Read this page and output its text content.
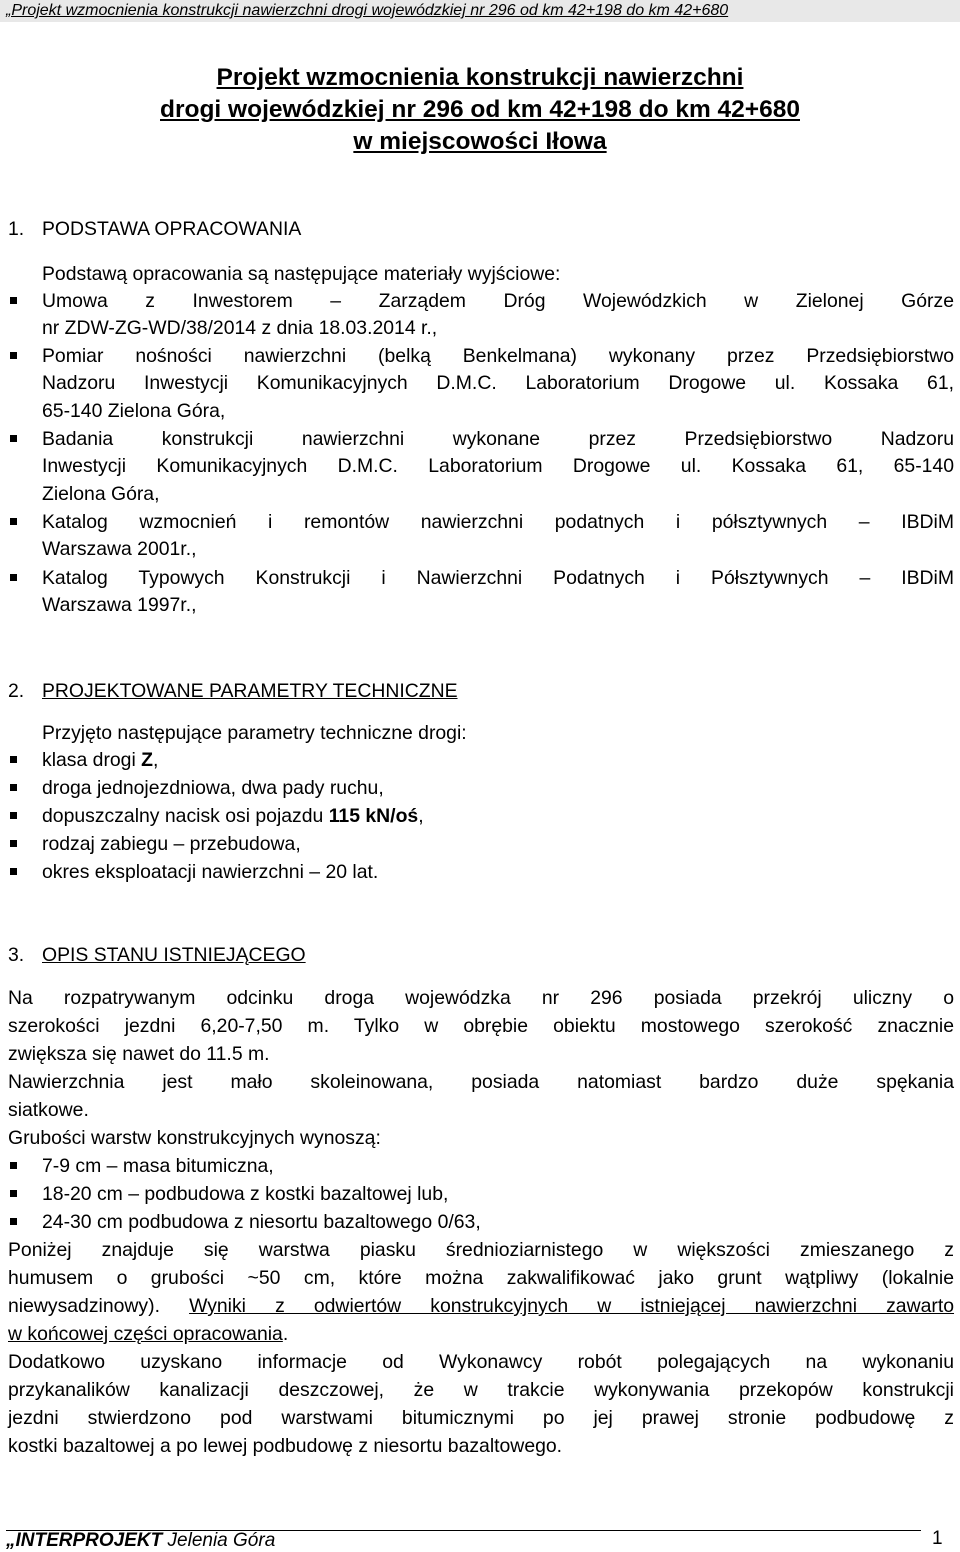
„Projekt wzmocnienia konstrukcji nawierzchni drogi wojewódzkiej nr 296 od km 42+198 do km 42+680
Projekt wzmocnienia konstrukcji nawierzchni
drogi wojewódzkiej nr 296 od km 42+198 do km 42+680
w miejscowości Iłowa
1. PODSTAWA OPRACOWANIA
Podstawą opracowania są następujące materiały wyjściowe:
Umowa z Inwestorem – Zarządem Dróg Wojewódzkich w Zielonej Górze
nr ZDW-ZG-WD/38/2014 z dnia 18.03.2014 r.,
Pomiar nośności nawierzchni (belką Benkelmana) wykonany przez Przedsiębiorstwo
Nadzoru Inwestycji Komunikacyjnych D.M.C. Laboratorium Drogowe ul. Kossaka 61,
65-140 Zielona Góra,
Badania konstrukcji nawierzchni wykonane przez Przedsiębiorstwo Nadzoru
Inwestycji Komunikacyjnych D.M.C. Laboratorium Drogowe ul. Kossaka 61, 65-140
Zielona Góra,
Katalog wzmocnień i remontów nawierzchni podatnych i półsztywnych – IBDiM
Warszawa 2001r.,
Katalog Typowych Konstrukcji i Nawierzchni Podatnych i Półsztywnych – IBDiM
Warszawa 1997r.,
2. PROJEKTOWANE PARAMETRY TECHNICZNE
Przyjęto następujące parametry techniczne drogi:
klasa drogi Z,
droga jednojezdniowa, dwa pady ruchu,
dopuszczalny nacisk osi pojazdu 115 kN/oś,
rodzaj zabiegu – przebudowa,
okres eksploatacji nawierzchni – 20 lat.
3. OPIS STANU ISTNIEJĄCEGO
Na rozpatrywanym odcinku droga wojewódzka nr 296 posiada przekrój uliczny o
szerokości jezdni 6,20-7,50 m. Tylko w obrębie obiektu mostowego szerokość znacznie
zwiększa się nawet do 11.5 m.
Nawierzchnia jest mało skoleinowana, posiada natomiast bardzo duże spękania
siatkowe.
Grubości warstw konstrukcyjnych wynoszą:
7-9 cm – masa bitumiczna,
18-20 cm – podbudowa z kostki bazaltowej lub,
24-30 cm podbudowa z niesortu bazaltowego 0/63,
Poniżej znajduje się warstwa piasku średnioziarnistego w większości zmieszanego z
humusem o grubości ~50 cm, które można zakwalifikować jako grunt wątpliwy (lokalnie
niewysadzinowy). Wyniki z odwiertów konstrukcyjnych w istniejącej nawierzchni zawarto
w końcowej części opracowania.
Dodatkowo uzyskano informacje od Wykonawcy robót polegających na wykonaniu
przykanalików kanalizacji deszczowej, że w trakcie wykonywania przekopów konstrukcji
jezdni stwierdzono pod warstwami bitumicznymi po jej prawej stronie podbudowę z
kostki bazaltowej a po lewej podbudowę z niesortu bazaltowego.
„INTERPROJEKT Jelenia Góra	1
